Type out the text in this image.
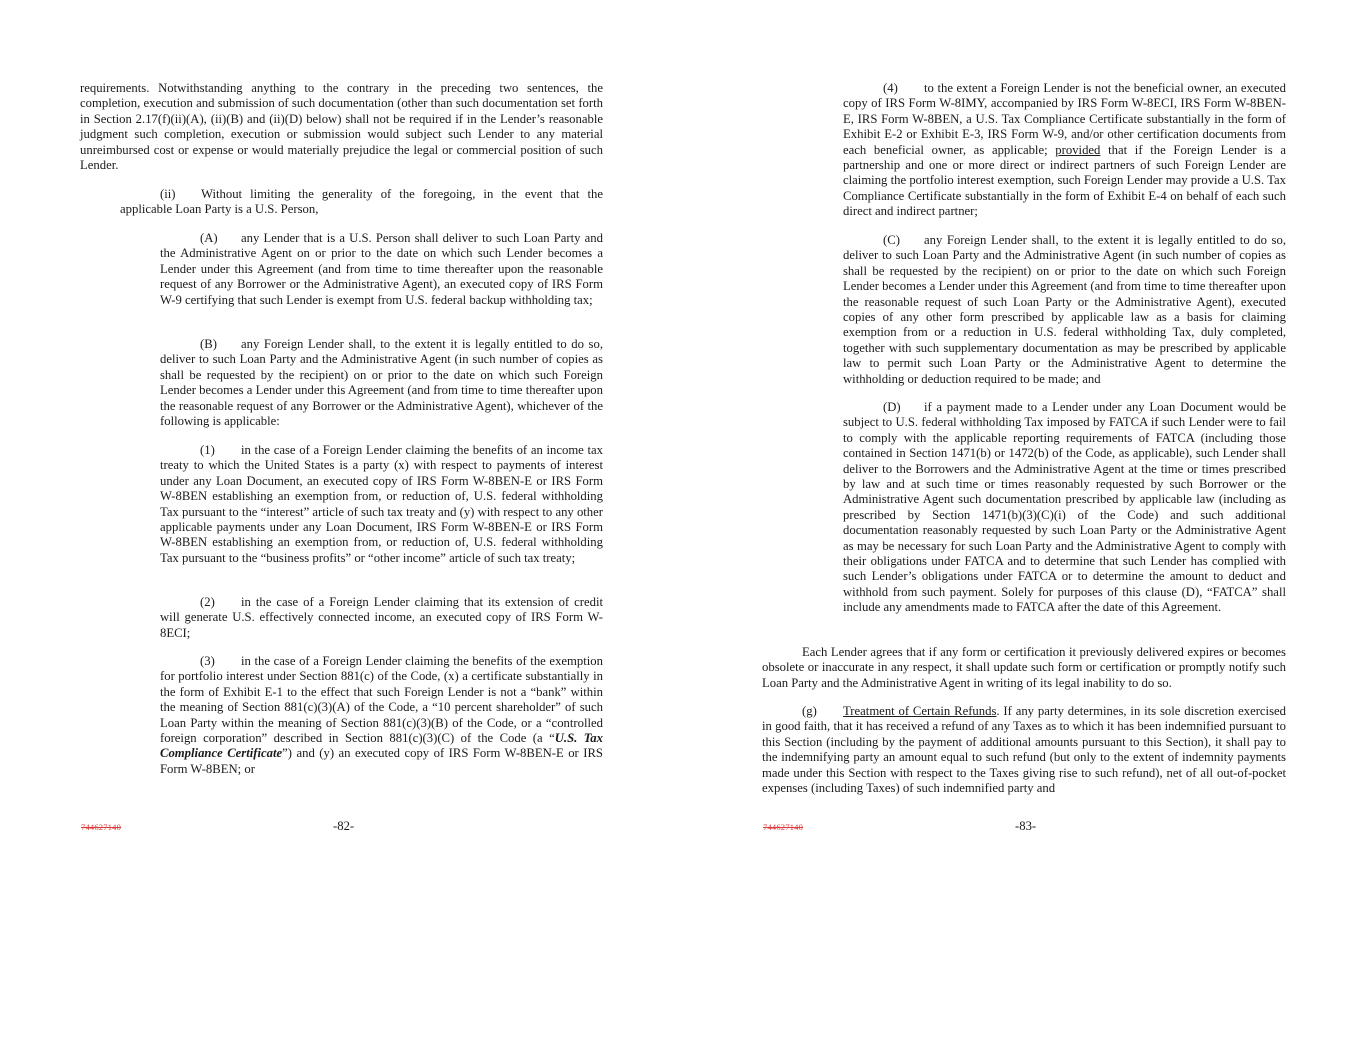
requirements. Notwithstanding anything to the contrary in the preceding two sentences, the completion, execution and submission of such documentation (other than such documentation set forth in Section 2.17(f)(ii)(A), (ii)(B) and (ii)(D) below) shall not be required if in the Lender’s reasonable judgment such completion, execution or submission would subject such Lender to any material unreimbursed cost or expense or would materially prejudice the legal or commercial position of such Lender.

(ii) Without limiting the generality of the foregoing, in the event that the applicable Loan Party is a U.S. Person,

(A) any Lender that is a U.S. Person shall deliver to such Loan Party and the Administrative Agent on or prior to the date on which such Lender becomes a Lender under this Agreement (and from time to time thereafter upon the reasonable request of any Borrower or the Administrative Agent), an executed copy of IRS Form W-9 certifying that such Lender is exempt from U.S. federal backup withholding tax;

(B) any Foreign Lender shall, to the extent it is legally entitled to do so, deliver to such Loan Party and the Administrative Agent (in such number of copies as shall be requested by the recipient) on or prior to the date on which such Foreign Lender becomes a Lender under this Agreement (and from time to time thereafter upon the reasonable request of any Borrower or the Administrative Agent), whichever of the following is applicable:

(1) in the case of a Foreign Lender claiming the benefits of an income tax treaty to which the United States is a party (x) with respect to payments of interest under any Loan Document, an executed copy of IRS Form W-8BEN-E or IRS Form W-8BEN establishing an exemption from, or reduction of, U.S. federal withholding Tax pursuant to the “interest” article of such tax treaty and (y) with respect to any other applicable payments under any Loan Document, IRS Form W-8BEN-E or IRS Form W-8BEN establishing an exemption from, or reduction of, U.S. federal withholding Tax pursuant to the “business profits” or “other income” article of such tax treaty;

(2) in the case of a Foreign Lender claiming that its extension of credit will generate U.S. effectively connected income, an executed copy of IRS Form W-8ECI;

(3) in the case of a Foreign Lender claiming the benefits of the exemption for portfolio interest under Section 881(c) of the Code, (x) a certificate substantially in the form of Exhibit E-1 to the effect that such Foreign Lender is not a “bank” within the meaning of Section 881(c)(3)(A) of the Code, a “10 percent shareholder” of such Loan Party within the meaning of Section 881(c)(3)(B) of the Code, or a “controlled foreign corporation” described in Section 881(c)(3)(C) of the Code (a “U.S. Tax Compliance Certificate”) and (y) an executed copy of IRS Form W-8BEN-E or IRS Form W-8BEN; or

744627140	-82-

(4) to the extent a Foreign Lender is not the beneficial owner, an executed copy of IRS Form W-8IMY, accompanied by IRS Form W-8ECI, IRS Form W-8BEN-E, IRS Form W-8BEN, a U.S. Tax Compliance Certificate substantially in the form of Exhibit E-2 or Exhibit E-3, IRS Form W-9, and/or other certification documents from each beneficial owner, as applicable; provided that if the Foreign Lender is a partnership and one or more direct or indirect partners of such Foreign Lender are claiming the portfolio interest exemption, such Foreign Lender may provide a U.S. Tax Compliance Certificate substantially in the form of Exhibit E-4 on behalf of each such direct and indirect partner;

(C) any Foreign Lender shall, to the extent it is legally entitled to do so, deliver to such Loan Party and the Administrative Agent (in such number of copies as shall be requested by the recipient) on or prior to the date on which such Foreign Lender becomes a Lender under this Agreement (and from time to time thereafter upon the reasonable request of such Loan Party or the Administrative Agent), executed copies of any other form prescribed by applicable law as a basis for claiming exemption from or a reduction in U.S. federal withholding Tax, duly completed, together with such supplementary documentation as may be prescribed by applicable law to permit such Loan Party or the Administrative Agent to determine the withholding or deduction required to be made; and

(D) if a payment made to a Lender under any Loan Document would be subject to U.S. federal withholding Tax imposed by FATCA if such Lender were to fail to comply with the applicable reporting requirements of FATCA (including those contained in Section 1471(b) or 1472(b) of the Code, as applicable), such Lender shall deliver to the Borrowers and the Administrative Agent at the time or times prescribed by law and at such time or times reasonably requested by such Borrower or the Administrative Agent such documentation prescribed by applicable law (including as prescribed by Section 1471(b)(3)(C)(i) of the Code) and such additional documentation reasonably requested by such Loan Party or the Administrative Agent as may be necessary for such Loan Party and the Administrative Agent to comply with their obligations under FATCA and to determine that such Lender has complied with such Lender’s obligations under FATCA or to determine the amount to deduct and withhold from such payment. Solely for purposes of this clause (D), “FATCA” shall include any amendments made to FATCA after the date of this Agreement.

Each Lender agrees that if any form or certification it previously delivered expires or becomes obsolete or inaccurate in any respect, it shall update such form or certification or promptly notify such Loan Party and the Administrative Agent in writing of its legal inability to do so.

(g) Treatment of Certain Refunds. If any party determines, in its sole discretion exercised in good faith, that it has received a refund of any Taxes as to which it has been indemnified pursuant to this Section (including by the payment of additional amounts pursuant to this Section), it shall pay to the indemnifying party an amount equal to such refund (but only to the extent of indemnity payments made under this Section with respect to the Taxes giving rise to such refund), net of all out-of-pocket expenses (including Taxes) of such indemnified party and

744627140	-83-
